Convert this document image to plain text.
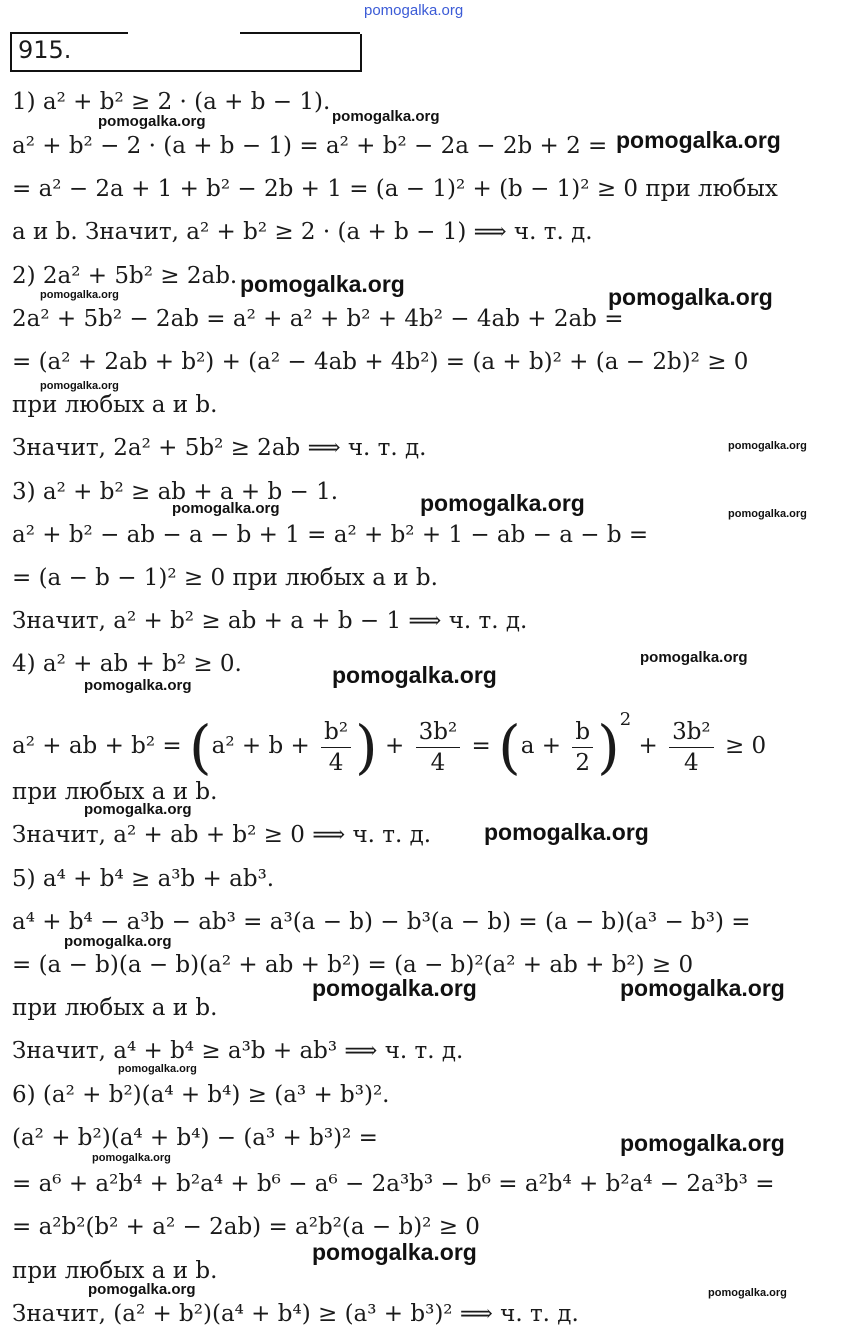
pomogalka.org
915.
1) a² + b² ≥ 2 · (a + b − 1).
a² + b² − 2 · (a + b − 1) = a² + b² − 2a − 2b + 2 =
= a² − 2a + 1 + b² − 2b + 1 = (a − 1)² + (b − 1)² ≥ 0 при любых
a и b. Значит, a² + b² ≥ 2 · (a + b − 1) ⟹ ч. т. д.
2) 2a² + 5b² ≥ 2ab.
2a² + 5b² − 2ab = a² + a² + b² + 4b² − 4ab + 2ab =
= (a² + 2ab + b²) + (a² − 4ab + 4b²) = (a + b)² + (a − 2b)² ≥ 0
при любых a и b.
Значит, 2a² + 5b² ≥ 2ab ⟹ ч. т. д.
3) a² + b² ≥ ab + a + b − 1.
a² + b² − ab − a − b + 1 = a² + b² + 1 − ab − a − b =
= (a − b − 1)² ≥ 0 при любых a и b.
Значит, a² + b² ≥ ab + a + b − 1 ⟹ ч. т. д.
4) a² + ab + b² ≥ 0.
a² + ab + $b^2 = (a^2 + b + \frac{\text{b²}}{4}$ ) + $\frac{\text{3b²}}{4} = (a + \frac{b}{2} )^2 + \frac{\text{3b²}}{4} \ge 0$
при любых a и b.
Значит, a² + ab + b² ≥ 0 ⟹ ч. т. д.
5) a⁴ + b⁴ ≥ a³b + ab³.
a⁴ + b⁴ − a³b − ab³ = a³(a − b) − b³(a − b) = (a − b)(a³ − b³) =
= (a − b)(a − b)(a² + ab + b²) = (a − b)²(a² + ab + b²) ≥ 0
при любых a и b.
Значит, a⁴ + b⁴ ≥ a³b + ab³ ⟹ ч. т. д.
6) (a² + b²)(a⁴ + b⁴) ≥ (a³ + b³)².
(a² + b²)(a⁴ + b⁴) − (a³ + b³)² =
= a⁶ + a²b⁴ + b²a⁴ + b⁶ − a⁶ − 2a³b³ − b⁶ = a²b⁴ + b²a⁴ − 2a³b³ =
= a²b²(b² + a² − 2ab) = a²b²(a − b)² ≥ 0
при любых a и b.
Значит, (a² + b²)(a⁴ + b⁴) ≥ (a³ + b³)² ⟹ ч. т. д.
pomogalka.org
pomogalka.org
pomogalka.org
pomogalka.org
pomogalka.org	pomogalka.org
pomogalka.org
pomogalka.org
pomogalka.org
pomogalka.org	pomogalka.org
pomogalka.org
pomogalka.org
pomogalka.org
pomogalka.org
pomogalka.org
pomogalka.org
pomogalka.org	pomogalka.org
pomogalka.org
pomogalka.org
pomogalka.org
pomogalka.org
pomogalka.org	pomogalka.org
